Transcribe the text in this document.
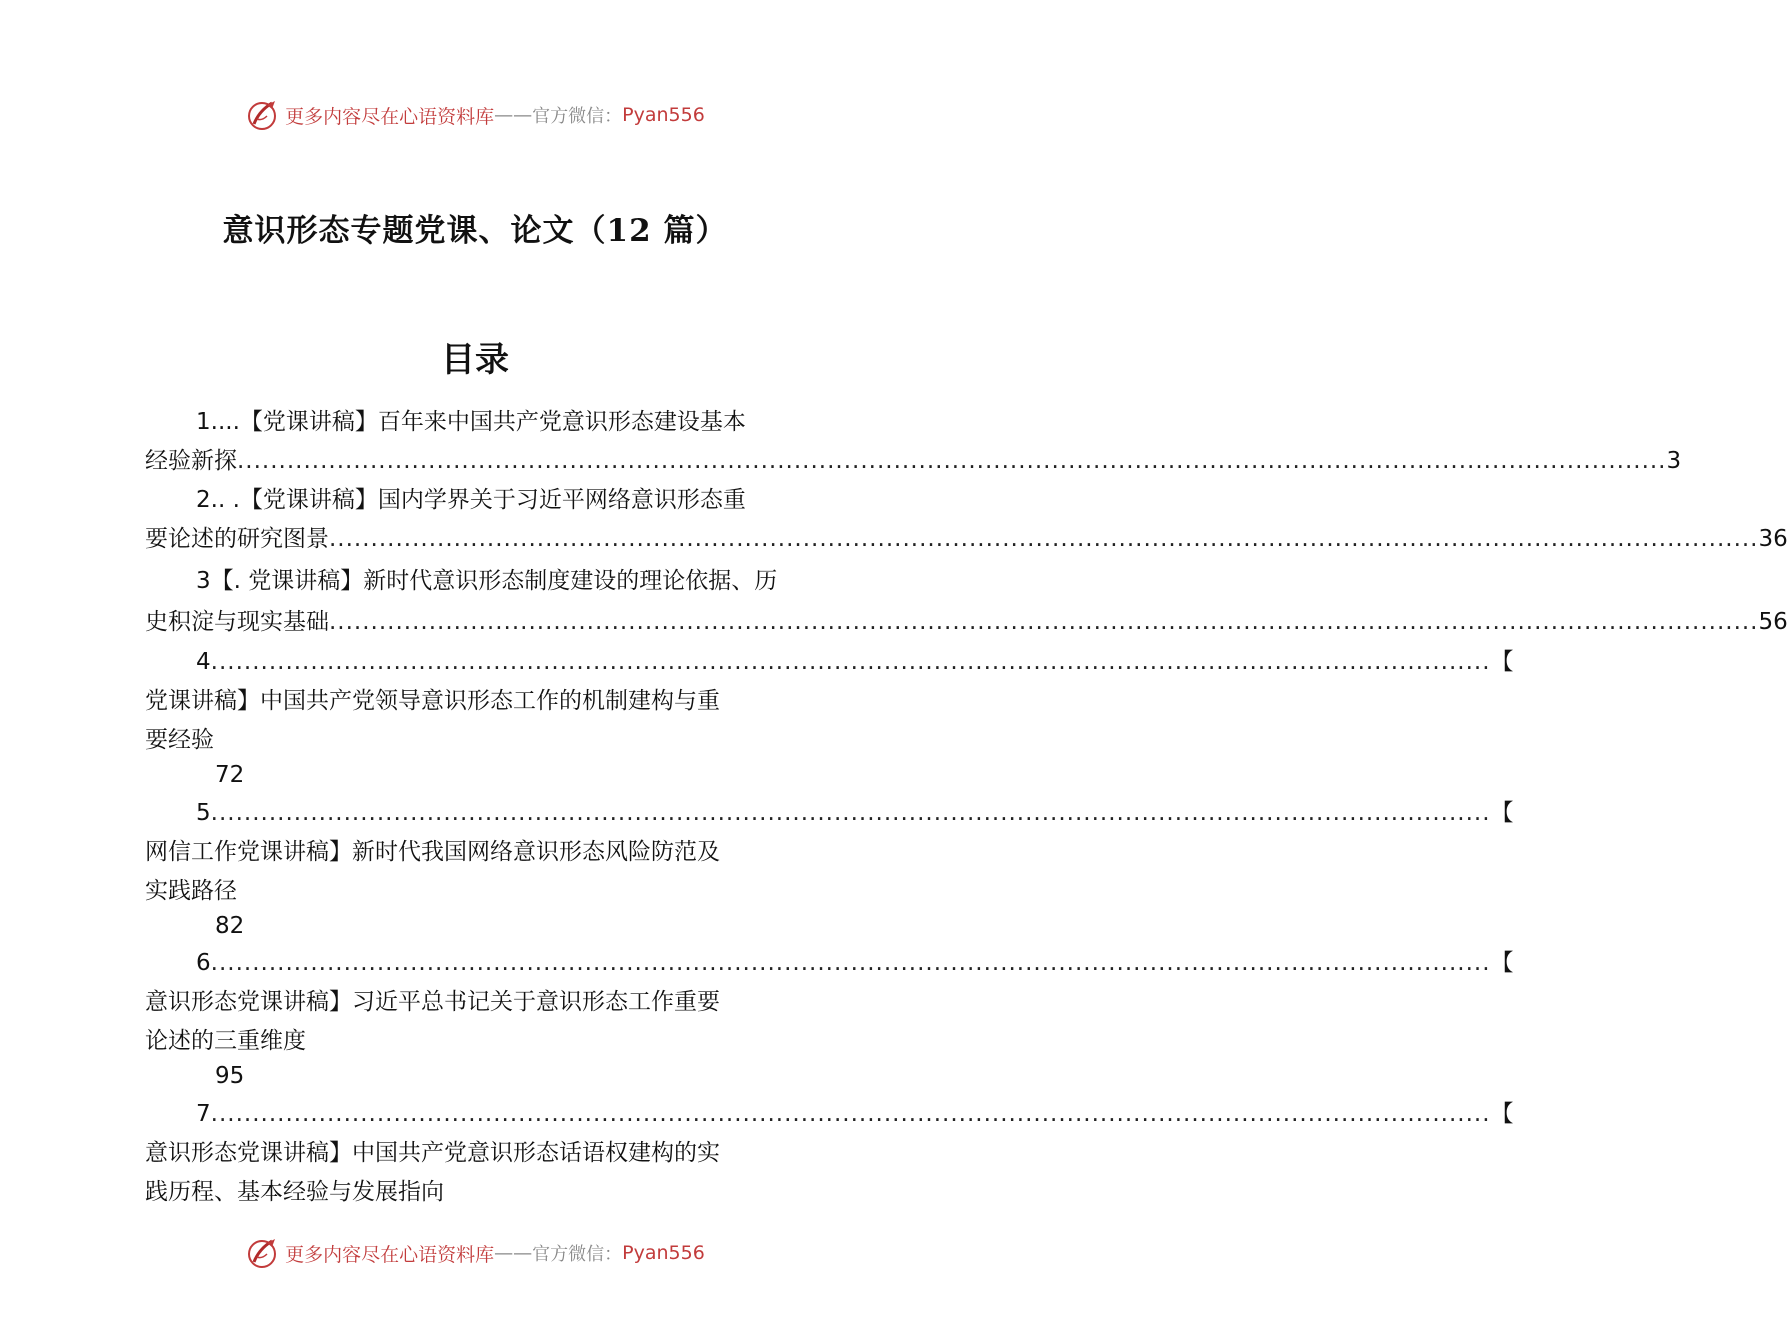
更多内容尽在心语资料库 —— 官方微信： Pyan556
意识形态专题党课、论文（12 篇）
目录
1....【党课讲稿】百年来中国共产党意识形态建设基本
经验新探 ............................................................................................................................................................................ 3
2.. .【党课讲稿】国内学界关于习近平网络意识形态重
要论述的研究图景 ............................................................................................................................................................................ 36
3【. 党课讲稿】新时代意识形态制度建设的理论依据、历
史积淀与现实基础 ............................................................................................................................................................................ 56
4 .......................................................................................................................................................... 【
党课讲稿】中国共产党领导意识形态工作的机制建构与重
要经验
72
5 .......................................................................................................................................................... 【
网信工作党课讲稿】新时代我国网络意识形态风险防范及
实践路径
82
6 .......................................................................................................................................................... 【
意识形态党课讲稿】习近平总书记关于意识形态工作重要
论述的三重维度
95
7 .......................................................................................................................................................... 【
意识形态党课讲稿】中国共产党意识形态话语权建构的实
践历程、基本经验与发展指向
更多内容尽在心语资料库 —— 官方微信： Pyan556
